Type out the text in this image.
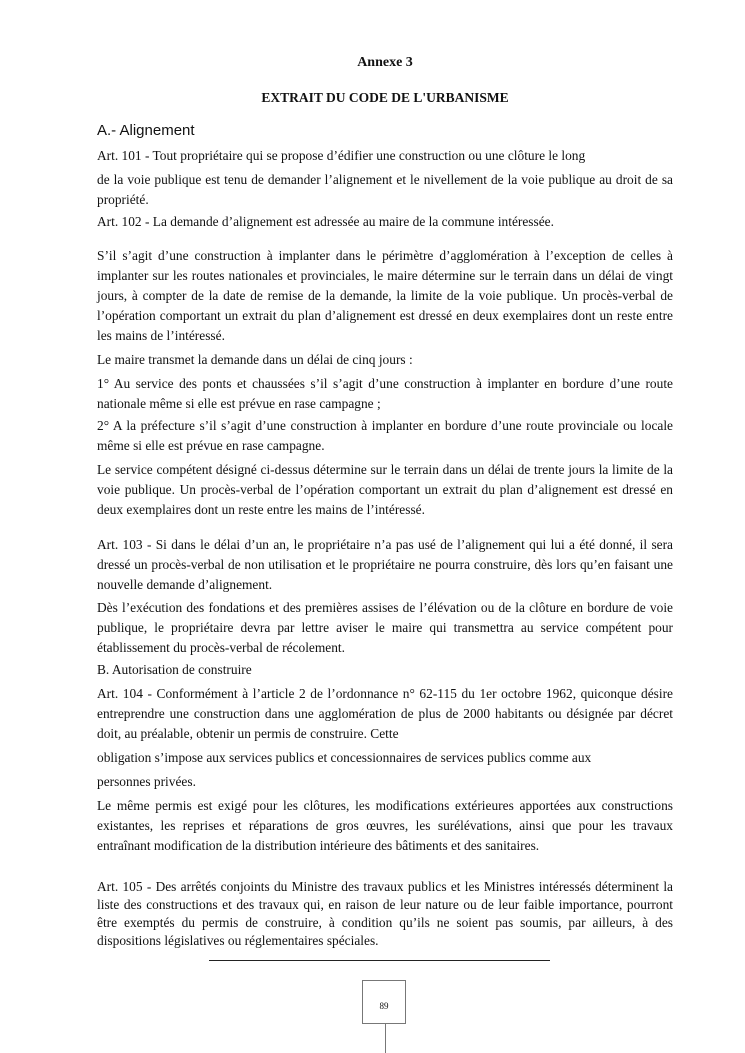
Annexe 3
EXTRAIT DU CODE DE L'URBANISME
A.- Alignement

Art. 101 - Tout propriétaire qui se propose d’édifier une construction ou une clôture le long

de la voie publique est tenu de demander l’alignement et le nivellement de la voie publique au droit de sa propriété.

Art. 102 - La demande d’alignement est adressée au maire de la commune intéressée.

S’il s’agit d’une construction à implanter dans le périmètre d’agglomération à l’exception de celles à implanter sur les routes nationales et provinciales, le maire détermine sur le terrain dans un délai de vingt jours, à compter de la date de remise de la demande, la limite de la voie publique. Un procès-verbal de l’opération comportant un extrait du plan d’alignement est dressé en deux exemplaires dont un reste entre les mains de l’intéressé.

Le maire transmet la demande dans un délai de cinq jours :

1° Au service des ponts et chaussées s’il s’agit d’une construction à implanter en bordure d’une route nationale même si elle est prévue en rase campagne ;

2° A la préfecture s’il s’agit d’une construction à implanter en bordure d’une route provinciale ou locale même si elle est prévue en rase campagne.

Le service compétent désigné ci-dessus détermine sur le terrain dans un délai de trente jours la limite de la voie publique. Un procès-verbal de l’opération comportant un extrait du plan d’alignement est dressé en deux exemplaires dont un reste entre les mains de l’intéressé.

Art. 103 - Si dans le délai d’un an, le propriétaire n’a pas usé de l’alignement qui lui a été donné, il sera dressé un procès-verbal de non utilisation et le propriétaire ne pourra construire, dès lors qu’en faisant une nouvelle demande d’alignement.

Dès l’exécution des fondations et des premières assises de l’élévation ou de la clôture en bordure de voie publique, le propriétaire devra par lettre aviser le maire qui transmettra au service compétent pour établissement du procès-verbal de récolement.

B. Autorisation de construire

Art. 104 - Conformément à l’article 2 de l’ordonnance n° 62-115 du 1er octobre 1962, quiconque désire entreprendre une construction dans une agglomération de plus de 2000 habitants ou désignée par décret doit, au préalable, obtenir un permis de construire. Cette

obligation s’impose aux services publics et concessionnaires de services publics comme aux

personnes privées.

Le même permis est exigé pour les clôtures, les modifications extérieures apportées aux constructions existantes, les reprises et réparations de gros œuvres, les surélévations, ainsi que pour les travaux entraînant modification de la distribution intérieure des bâtiments et des sanitaires.

Art. 105 - Des arrêtés conjoints du Ministre des travaux publics et les Ministres intéressés déterminent la liste des constructions et des travaux qui, en raison de leur nature ou de leur faible importance, pourront être exemptés du permis de construire, à condition qu’ils ne soient pas soumis, par ailleurs, à des dispositions législatives ou réglementaires spéciales.

89
